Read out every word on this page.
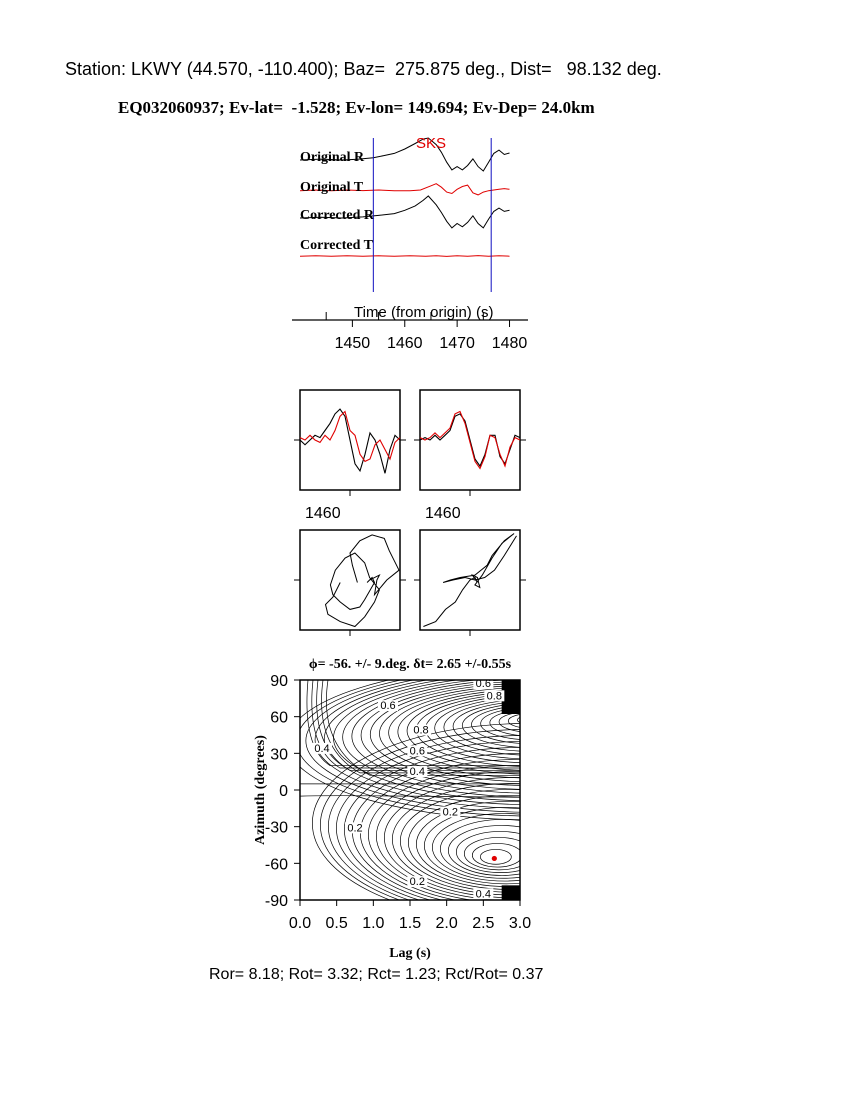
Station: LKWY (44.570, -110.400); Baz=  275.875 deg., Dist=   98.132 deg.
EQ032060937; Ev-lat=  -1.528; Ev-lon= 149.694; Ev-Dep= 24.0km
Original R
Original T
Corrected R
Corrected T
SKS
Time (from origin) (s)
1450 1460 1470 1480
1460	1460
0.6
0.8
0.6
0.8
0.6
0.4
0.4
0.2
0.2
0.2
0.4
-90
-60
-30
0
30
60
90
0.0 0.5 1.0 1.5 2.0 2.5 3.0
Lag (s)
Azimuth (degrees)
ϕ= -56. +/- 9.deg. δt= 2.65 +/-0.55s
Ror= 8.18; Rot= 3.32; Rct= 1.23; Rct/Rot= 0.37
